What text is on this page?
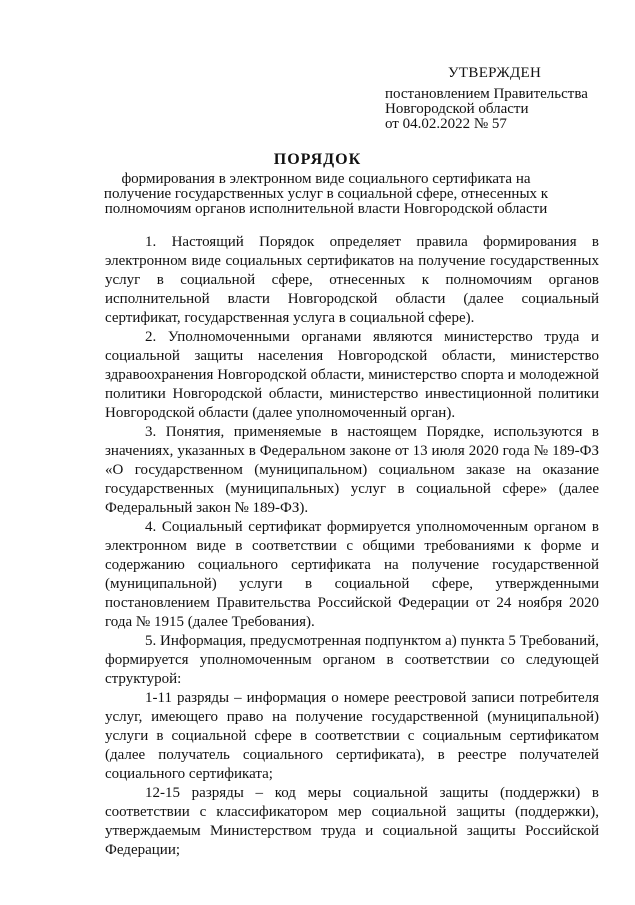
УТВЕРЖДЕН
постановлением Правительства
Новгородской области
от 04.02.2022 № 57
ПОРЯДОК
формирования в электронном виде социального сертификата на получение государственных услуг в социальной сфере, отнесенных к полномочиям органов исполнительной власти Новгородской области

1. Настоящий Порядок определяет правила формирования в электронном виде социальных сертификатов на получение государственных услуг в социальной сфере, отнесенных к полномочиям органов исполнительной власти Новгородской области (далее социальный сертификат, государственная услуга в социальной сфере).

2. Уполномоченными органами являются министерство труда и социальной защиты населения Новгородской области, министерство здравоохранения Новгородской области, министерство спорта и молодежной политики Новгородской области, министерство инвестиционной политики Новгородской области (далее уполномоченный орган).

3. Понятия, применяемые в настоящем Порядке, используются в значениях, указанных в Федеральном законе от 13 июля 2020 года № 189-ФЗ «О государственном (муниципальном) социальном заказе на оказание государственных (муниципальных) услуг в социальной сфере» (далее Федеральный закон № 189-ФЗ).

4. Социальный сертификат формируется уполномоченным органом в электронном виде в соответствии с общими требованиями к форме и содержанию социального сертификата на получение государственной (муниципальной) услуги в социальной сфере, утвержденными постановлением Правительства Российской Федерации от 24 ноября 2020 года № 1915 (далее Требования).

5. Информация, предусмотренная подпунктом а) пункта 5 Требований, формируется уполномоченным органом в соответствии со следующей структурой:

1-11 разряды – информация о номере реестровой записи потребителя услуг, имеющего право на получение государственной (муниципальной) услуги в социальной сфере в соответствии с социальным сертификатом (далее получатель социального сертификата), в реестре получателей социального сертификата;

12-15 разряды – код меры социальной защиты (поддержки) в соответствии с классификатором мер социальной защиты (поддержки), утверждаемым Министерством труда и социальной защиты Российской Федерации;
